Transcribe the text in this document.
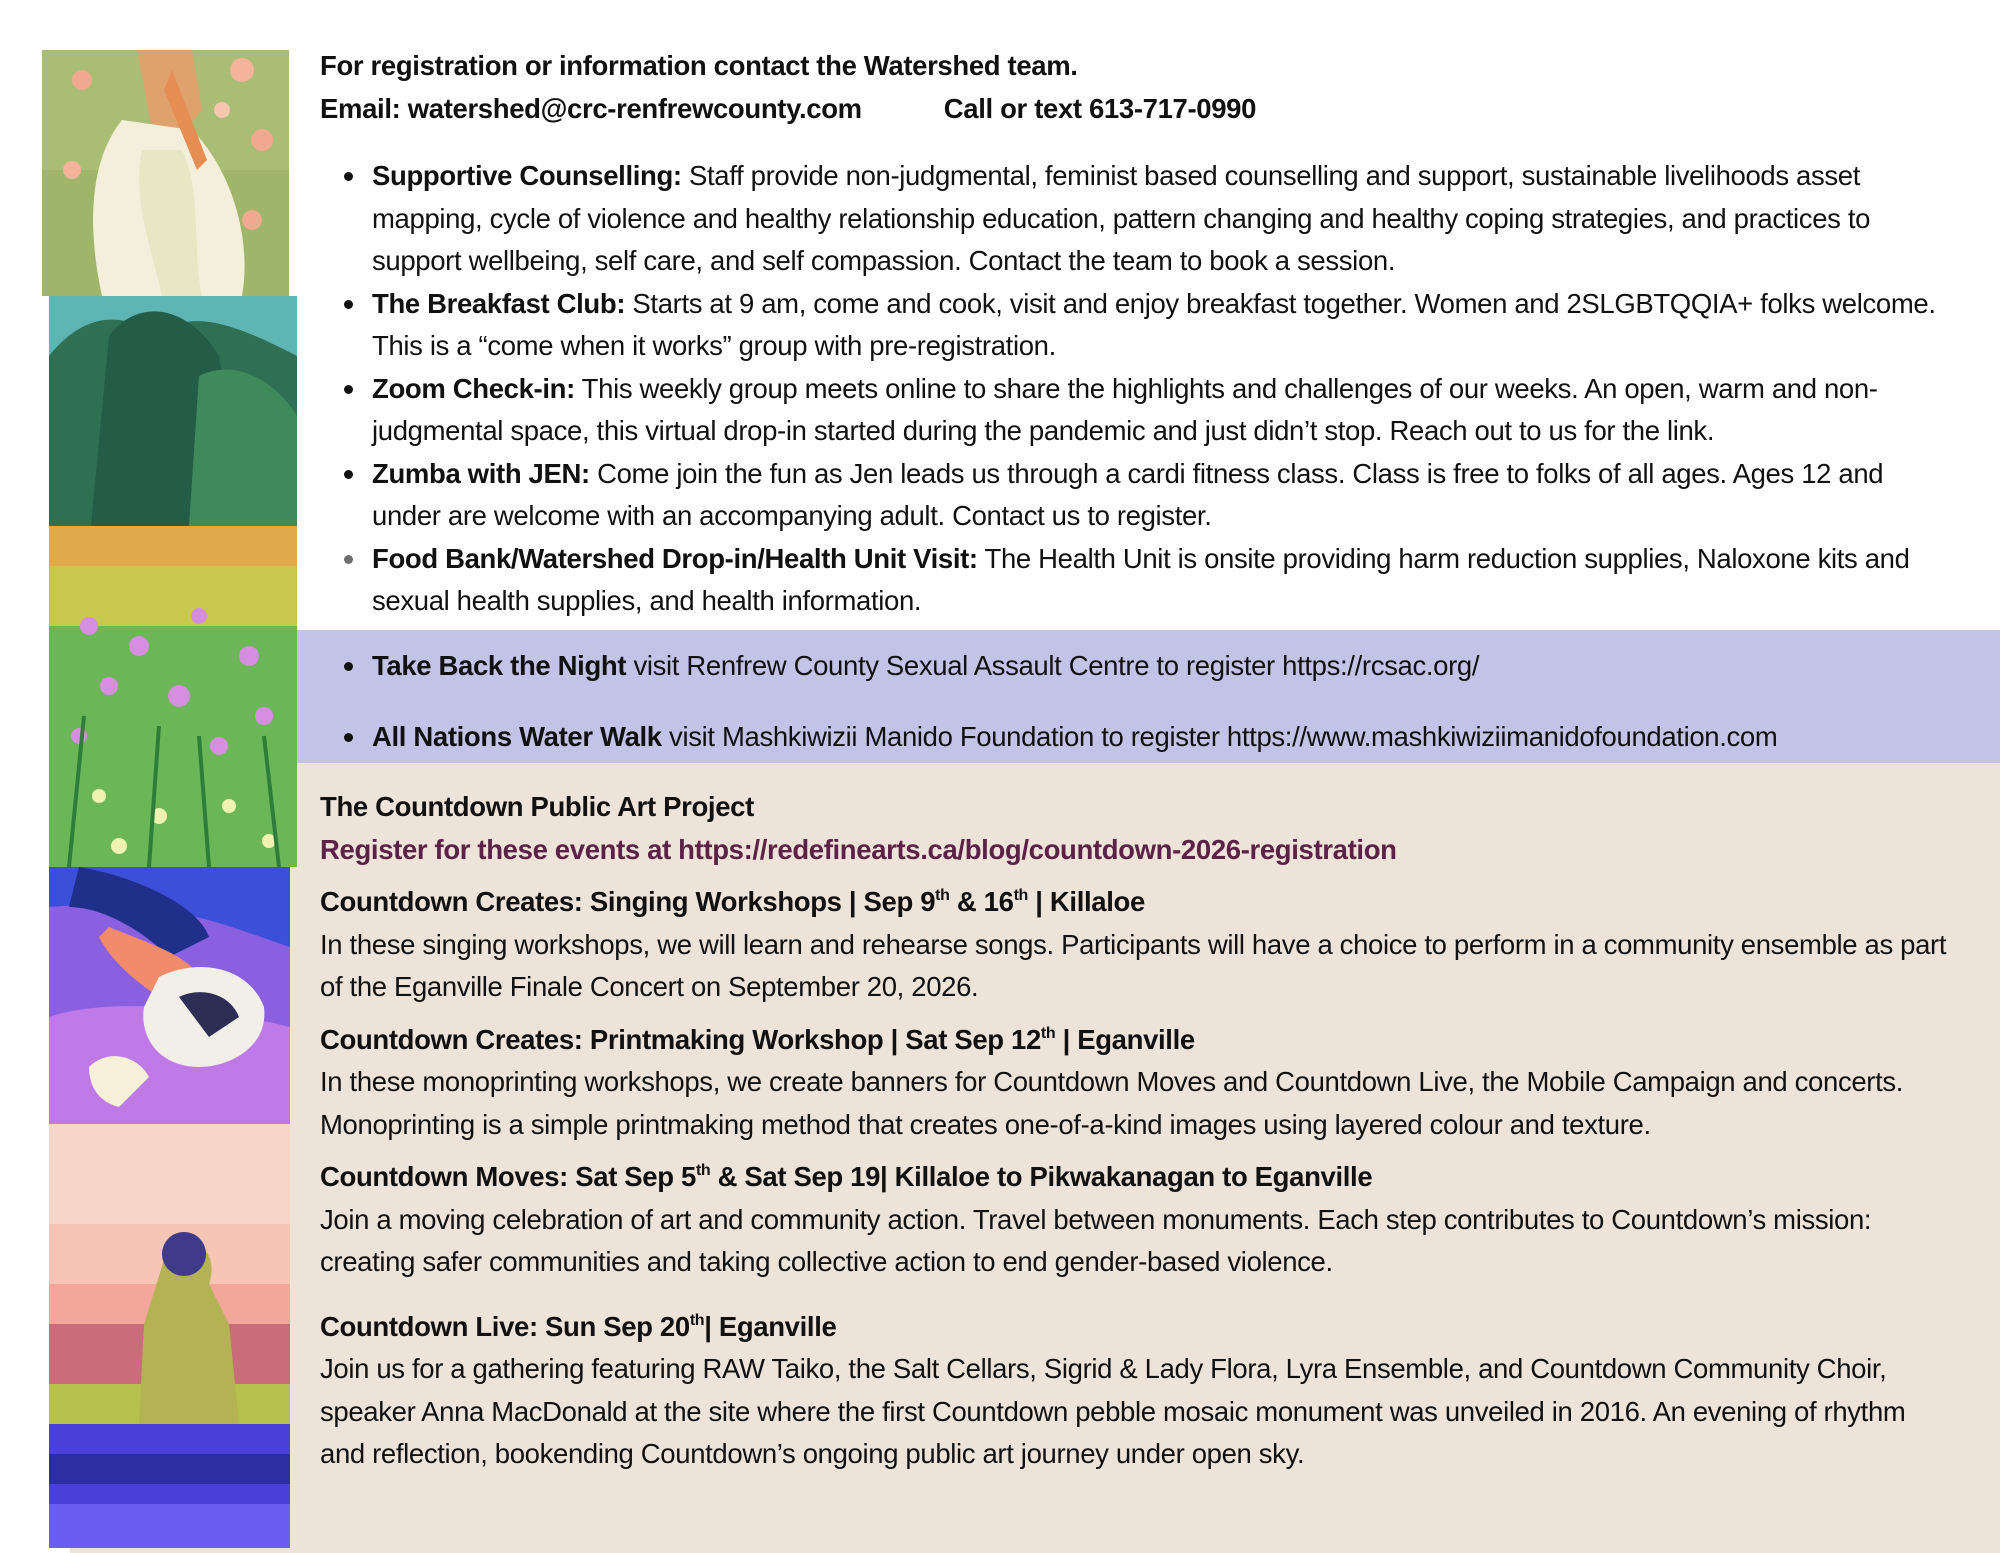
For registration or information contact the Watershed team.

Email: watershed@crc-renfrewcounty.com	Call or text 613-717-0990
Supportive Counselling: Staff provide non-judgmental, feminist based counselling and support, sustainable livelihoods asset mapping, cycle of violence and healthy relationship education, pattern changing and healthy coping strategies, and practices to support wellbeing, self care, and self compassion. Contact the team to book a session.
The Breakfast Club: Starts at 9 am, come and cook, visit and enjoy breakfast together. Women and 2SLGBTQQIA+ folks welcome. This is a “come when it works” group with pre-registration.
Zoom Check-in: This weekly group meets online to share the highlights and challenges of our weeks. An open, warm and non-judgmental space, this virtual drop-in started during the pandemic and just didn’t stop. Reach out to us for the link.
Zumba with JEN: Come join the fun as Jen leads us through a cardi fitness class. Class is free to folks of all ages. Ages 12 and under are welcome with an accompanying adult. Contact us to register.
Food Bank/Watershed Drop-in/Health Unit Visit: The Health Unit is onsite providing harm reduction supplies, Naloxone kits and sexual health supplies, and health information.
Take Back the Night visit Renfrew County Sexual Assault Centre to register https://rcsac.org/
All Nations Water Walk visit Mashkiwizii Manido Foundation to register https://www.mashkiwiziimanidofoundation.com

The Countdown Public Art Project

Register for these events at https://redefinearts.ca/blog/countdown-2026-registration

Countdown Creates: Singing Workshops | Sep 9th & 16th | Killaloe

In these singing workshops, we will learn and rehearse songs. Participants will have a choice to perform in a community ensemble as part of the Eganville Finale Concert on September 20, 2026.

Countdown Creates: Printmaking Workshop | Sat Sep 12th | Eganville

In these monoprinting workshops, we create banners for Countdown Moves and Countdown Live, the Mobile Campaign and concerts. Monoprinting is a simple printmaking method that creates one-of-a-kind images using layered colour and texture.

Countdown Moves: Sat Sep 5th & Sat Sep 19| Killaloe to Pikwakanagan to Eganville

Join a moving celebration of art and community action. Travel between monuments. Each step contributes to Countdown’s mission: creating safer communities and taking collective action to end gender-based violence.

Countdown Live: Sun Sep 20th| Eganville

Join us for a gathering featuring RAW Taiko, the Salt Cellars, Sigrid & Lady Flora, Lyra Ensemble, and Countdown Community Choir, speaker Anna MacDonald at the site where the first Countdown pebble mosaic monument was unveiled in 2016. An evening of rhythm and reflection, bookending Countdown’s ongoing public art journey under open sky.
